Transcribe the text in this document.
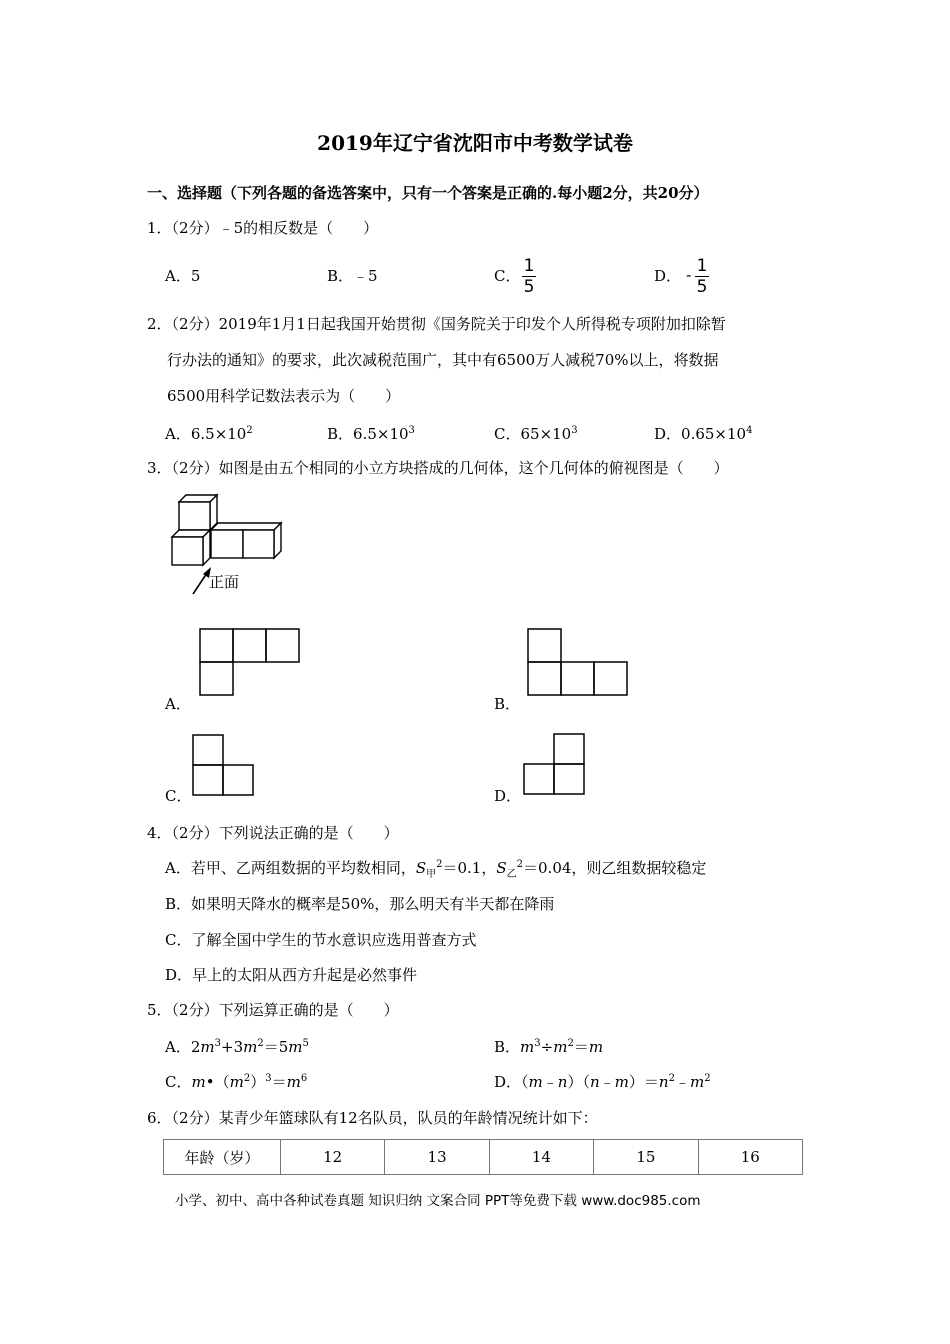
2019年辽宁省沈阳市中考数学试卷
一、选择题（下列各题的备选答案中，只有一个答案是正确的.每小题2分，共20分）
1．（2分）﹣5的相反数是（　　）
A．5	B．﹣5	C． 1
5
D． - 1
5
2．（2分）2019年1月1日起我国开始贯彻《国务院关于印发个人所得税专项附加扣除暂
行办法的通知》的要求，此次减税范围广，其中有6500万人减税70%以上，将数据
6500用科学记数法表示为（　　）
A．$6.5\times 10^2$	B．$6.5\times 10^3$	C．$65\times 10^3$	D．$0.65\times 10^4$
3．（2分）如图是由五个相同的小立方块搭成的几何体，这个几何体的俯视图是（　　）
正面
A．	B．
C．	D．
4．（2分）下列说法正确的是（　　）
A．若甲、乙两组数据的平均数相同，$S_甲^2=0.1$，$S_乙^2=0.04$，则乙组数据较稳定
B．如果明天降水的概率是50%，那么明天有半天都在降雨
C．了解全国中学生的节水意识应选用普查方式
D．早上的太阳从西方升起是必然事件
5．（2分）下列运算正确的是（　　）
A．$2m^3+3m^2=5m^5$	B．$m^3\div m^2=m$
C．$m•(m^2)^3=m^6$	D．$(m﹣n)(n﹣m)=n^2﹣m^2$
6．（2分）某青少年篮球队有12名队员，队员的年龄情况统计如下：
年龄（岁）	12	13	14	15	16
小学、初中、高中各种试卷真题 知识归纳 文案合同 PPT等免费下载 www.doc985.com
